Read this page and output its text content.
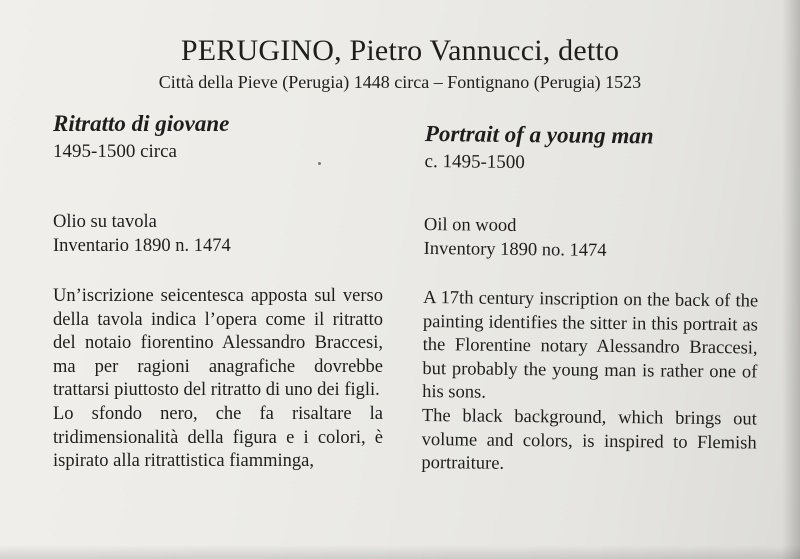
PERUGINO, Pietro Vannucci, detto
Città della Pieve (Perugia) 1448 circa – Fontignano (Perugia) 1523
Ritratto di giovane
1495-1500 circa
Olio su tavola
Inventario 1890 n. 1474

Un’iscrizione seicentesca apposta sul verso della tavola indica l’opera come il ritratto del notaio fiorentino Alessandro Braccesi, ma per ragioni anagrafiche dovrebbe trattarsi piuttosto del ritratto di uno dei figli.

Lo sfondo nero, che fa risaltare la tridimensionalità della figura e i colori, è ispirato alla ritrattistica fiamminga,

Portrait of a young man
c. 1495-1500
Oil on wood
Inventory 1890 no. 1474

A 17th century inscription on the back of the painting identifies the sitter in this portrait as the Florentine notary Alessandro Braccesi, but probably the young man is rather one of his sons.

The black background, which brings out volume and colors, is inspired to Flemish portraiture.
